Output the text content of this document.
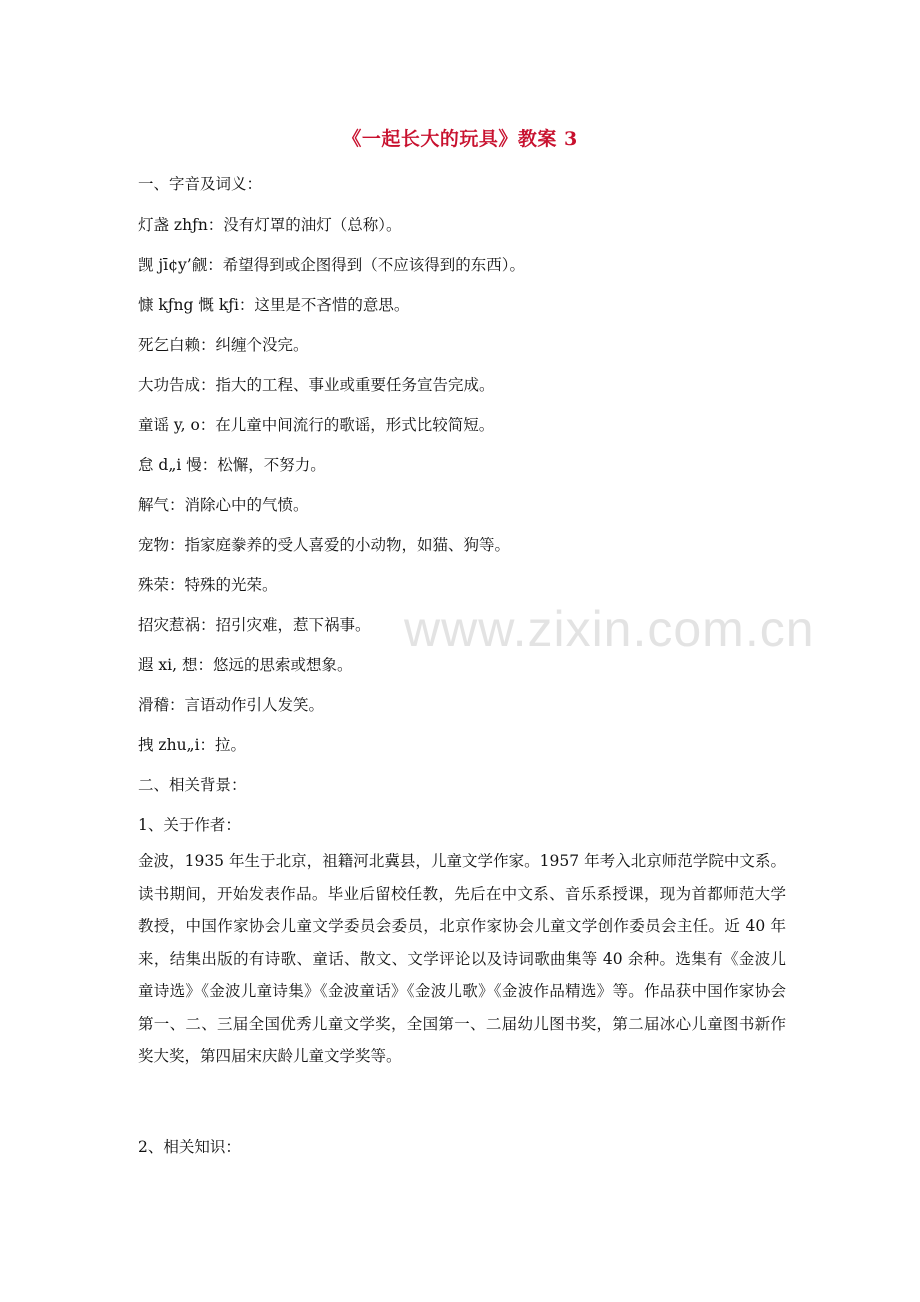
www.zixin.com.cn
《一起长大的玩具》教案 3
一、字音及词义：
灯盏 zhƒn：没有灯罩的油灯（总称）。
觊 jī¢y’觎：希望得到或企图得到（不应该得到的东西）。
慷 kƒng 慨 kƒi：这里是不吝惜的意思。
死乞白赖：纠缠个没完。
大功告成：指大的工程、事业或重要任务宣告完成。
童谣 y, o：在儿童中间流行的歌谣，形式比较简短。
怠 d„i 慢：松懈，不努力。
解气：消除心中的气愤。
宠物：指家庭豢养的受人喜爱的小动物，如猫、狗等。
殊荣：特殊的光荣。
招灾惹祸：招引灾难，惹下祸事。
遐 xi, 想：悠远的思索或想象。
滑稽：言语动作引人发笑。
拽 zhu„i：拉。
二、相关背景：
1、关于作者：
金波，1935 年生于北京，祖籍河北冀县，儿童文学作家。1957 年考入北京师范学院中文系。读书期间，开始发表作品。毕业后留校任教，先后在中文系、音乐系授课，现为首都师范大学教授，中国作家协会儿童文学委员会委员，北京作家协会儿童文学创作委员会主任。近 40 年来，结集出版的有诗歌、童话、散文、文学评论以及诗词歌曲集等 40 余种。选集有《金波儿童诗选》《金波儿童诗集》《金波童话》《金波儿歌》《金波作品精选》等。作品获中国作家协会第一、二、三届全国优秀儿童文学奖，全国第一、二届幼儿图书奖，第二届冰心儿童图书新作奖大奖，第四届宋庆龄儿童文学奖等。
2、相关知识：
